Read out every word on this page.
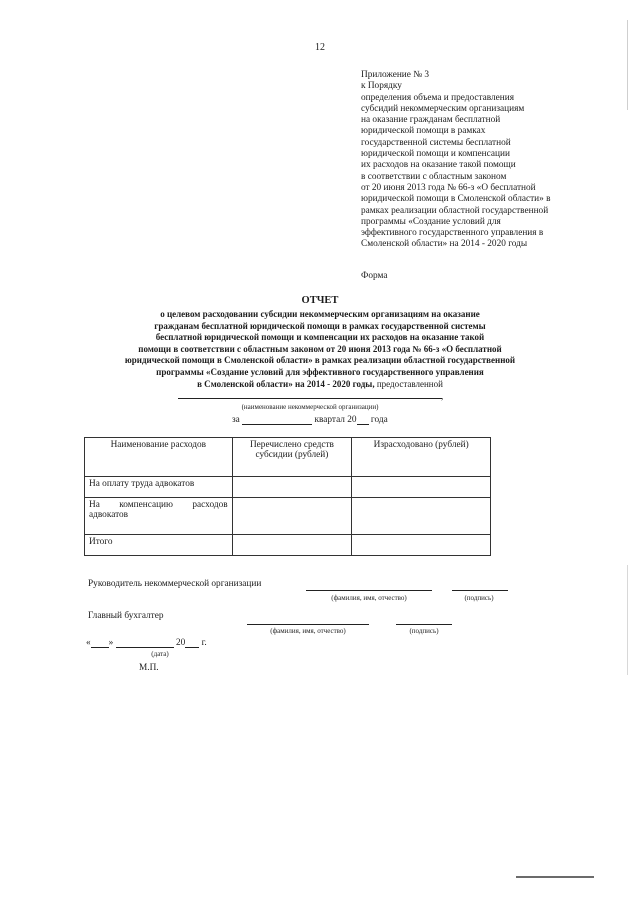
12
Приложение № 3
к Порядку
определения объема и предоставления
субсидий некоммерческим организациям
на оказание гражданам бесплатной
юридической помощи в рамках
государственной системы бесплатной
юридической помощи и компенсации
их расходов на оказание такой помощи
в соответствии с областным законом
от 20 июня 2013 года № 66-з «О бесплатной
юридической помощи в Смоленской области» в
рамках реализации областной государственной
программы «Создание условий для
эффективного государственного управления в
Смоленской области» на 2014 - 2020 годы
Форма
ОТЧЕТ
о целевом расходовании субсидии некоммерческим организациям на оказание
гражданам бесплатной юридической помощи в рамках государственной системы
бесплатной юридической помощи и компенсации их расходов на оказание такой
помощи в соответствии с областным законом от 20 июня 2013 года № 66-з «О бесплатной
юридической помощи в Смоленской области» в рамках реализации областной государственной
программы «Создание условий для эффективного государственного управления
в Смоленской области» на 2014 - 2020 годы, предоставленной
,
(наименование некоммерческой организации)
за	квартал 20 года
Наименование расходов	Перечислено средств субсидии (рублей)	Израсходовано (рублей)
На оплату труда адвокатов		
На компенсацию расходов адвокатов		
Итого		
Руководитель некоммерческой организации
(фамилия, имя, отчество)	(подпись)
Главный бухгалтер
(фамилия, имя, отчество)	(подпись)
« »	20 г.
(дата)
М.П.
